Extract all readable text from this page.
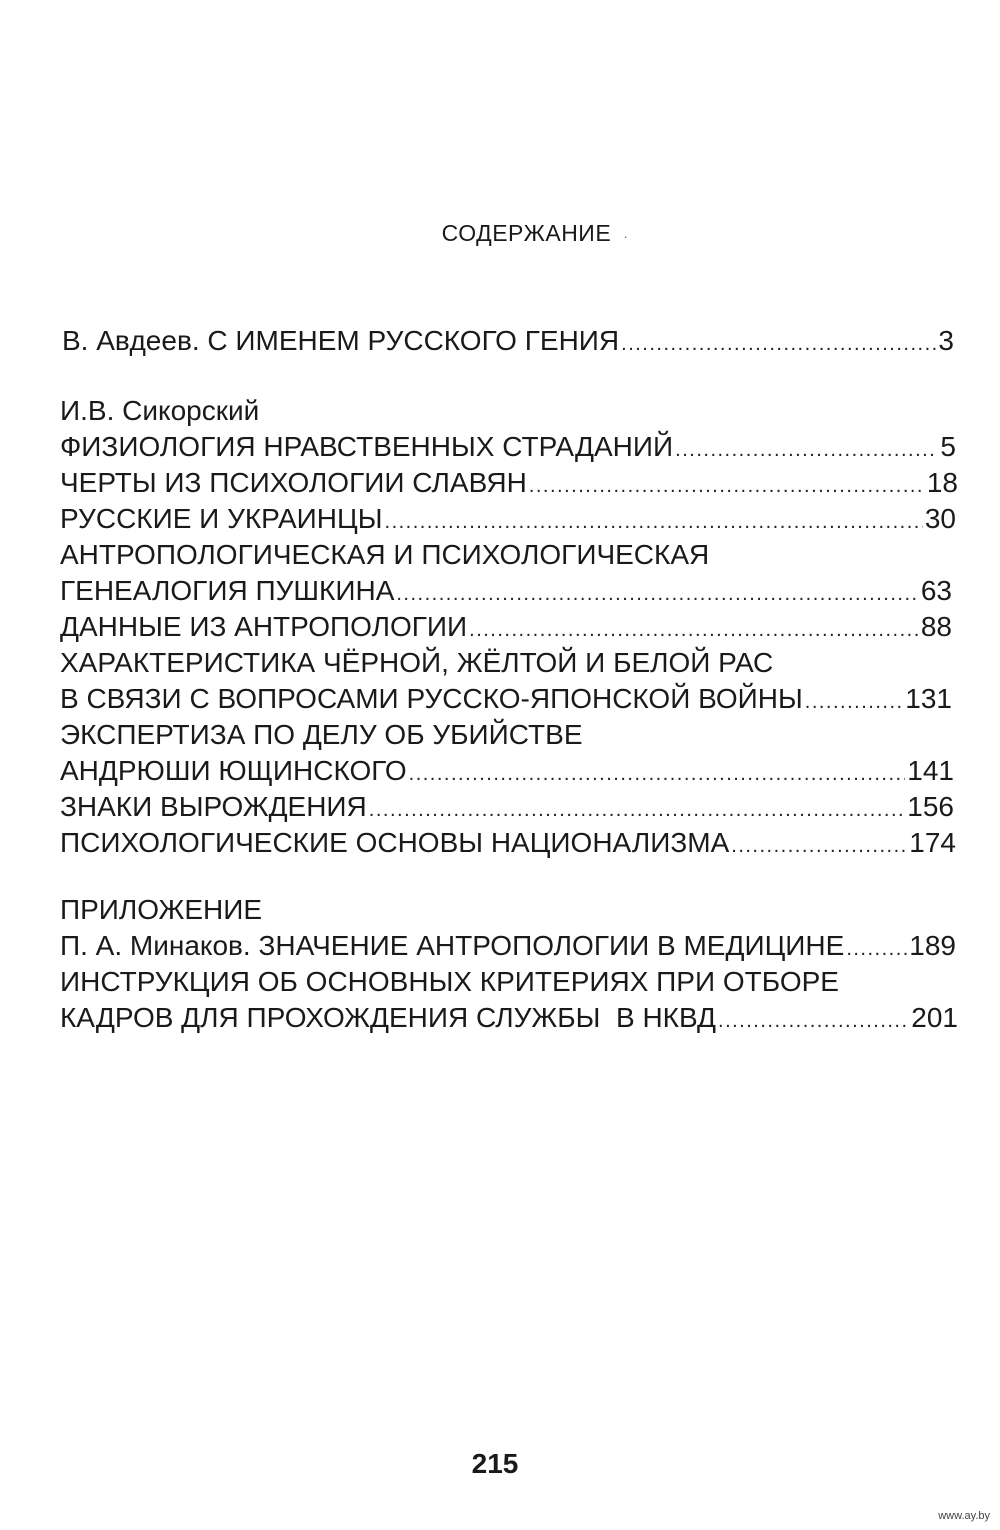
СОДЕРЖАНИЕ ·
В. Авдеев. С ИМЕНЕМ РУССКОГО ГЕНИЯ .....	3
И.В. Сикорский
ФИЗИОЛОГИЯ НРАВСТВЕННЫХ СТРАДАНИЙ .....	5
ЧЕРТЫ ИЗ ПСИХОЛОГИИ СЛАВЯН .....	18
РУССКИЕ И УКРАИНЦЫ .....	30
АНТРОПОЛОГИЧЕСКАЯ И ПСИХОЛОГИЧЕСКАЯ
ГЕНЕАЛОГИЯ ПУШКИНА .....	63
ДАННЫЕ ИЗ АНТРОПОЛОГИИ .....	88
ХАРАКТЕРИСТИКА ЧЁРНОЙ, ЖЁЛТОЙ И БЕЛОЙ РАС
В СВЯЗИ С ВОПРОСАМИ РУССКО-ЯПОНСКОЙ ВОЙНЫ .....	131
ЭКСПЕРТИЗА ПО ДЕЛУ ОБ УБИЙСТВЕ
АНДРЮШИ ЮЩИНСКОГО .....	141
ЗНАКИ ВЫРОЖДЕНИЯ .....	156
ПСИХОЛОГИЧЕСКИЕ ОСНОВЫ НАЦИОНАЛИЗМА .....	174
ПРИЛОЖЕНИЕ
П. А. Минаков. ЗНАЧЕНИЕ АНТРОПОЛОГИИ В МЕДИЦИНЕ ..... 189
ИНСТРУКЦИЯ ОБ ОСНОВНЫХ КРИТЕРИЯХ ПРИ ОТБОРЕ
КАДРОВ ДЛЯ ПРОХОЖДЕНИЯ СЛУЖБЫ  В НКВД .....	201
215
www.ay.by
